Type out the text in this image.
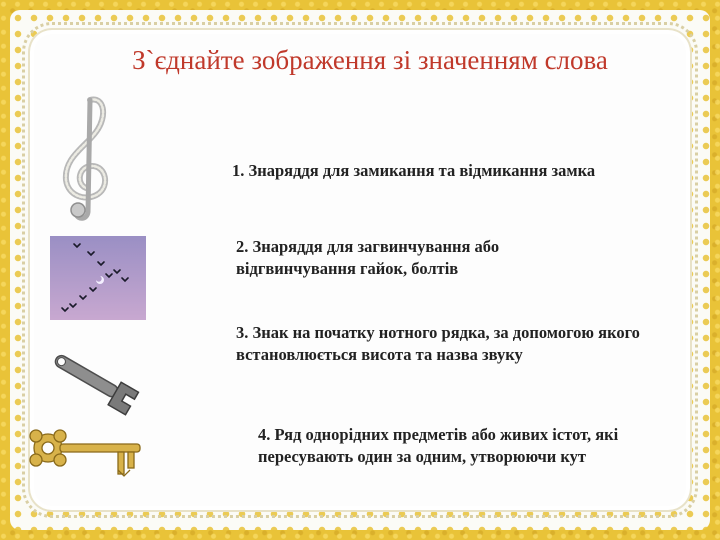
З`єднайте зображення зі значенням слова
1. Знаряддя для замикання та відмикання замка
2. Знаряддя для загвинчування або відгвинчування гайок, болтів
3. Знак на початку нотного рядка, за допомогою якого встановлюється висота та назва звуку
4. Ряд однорідних предметів або живих істот, які пересувають один за одним, утворюючи кут
